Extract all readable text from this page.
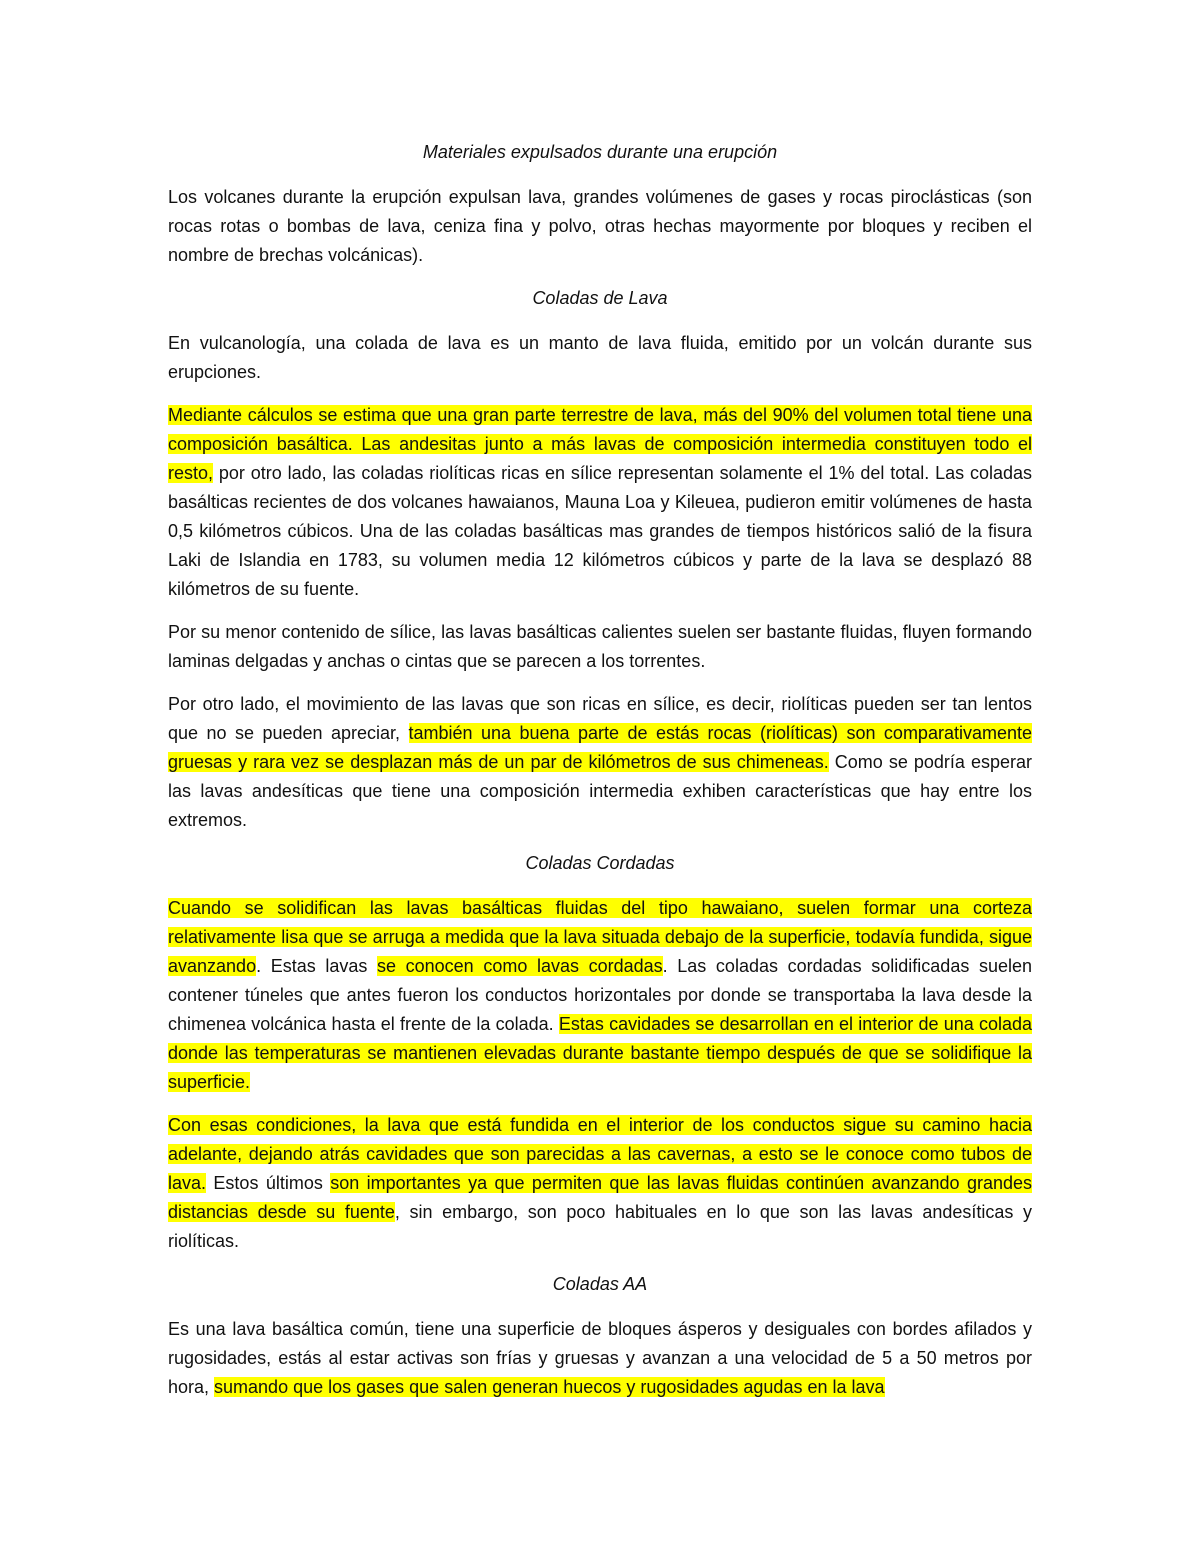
Materiales expulsados durante una erupción
Los volcanes durante la erupción expulsan lava, grandes volúmenes de gases y rocas piroclásticas (son rocas rotas o bombas de lava, ceniza fina y polvo, otras hechas mayormente por bloques y reciben el nombre de brechas volcánicas).
Coladas de Lava
En vulcanología, una colada de lava es un manto de lava fluida, emitido por un volcán durante sus erupciones.
Mediante cálculos se estima que una gran parte terrestre de lava, más del 90% del volumen total tiene una composición basáltica. Las andesitas junto a más lavas de composición intermedia constituyen todo el resto, por otro lado, las coladas riolíticas ricas en sílice representan solamente el 1% del total. Las coladas basálticas recientes de dos volcanes hawaianos, Mauna Loa y Kileuea, pudieron emitir volúmenes de hasta 0,5 kilómetros cúbicos. Una de las coladas basálticas mas grandes de tiempos históricos salió de la fisura Laki de Islandia en 1783, su volumen media 12 kilómetros cúbicos y parte de la lava se desplazó 88 kilómetros de su fuente.
Por su menor contenido de sílice, las lavas basálticas calientes suelen ser bastante fluidas, fluyen formando laminas delgadas y anchas o cintas que se parecen a los torrentes.
Por otro lado, el movimiento de las lavas que son ricas en sílice, es decir, riolíticas pueden ser tan lentos que no se pueden apreciar, también una buena parte de estás rocas (riolíticas) son comparativamente gruesas y rara vez se desplazan más de un par de kilómetros de sus chimeneas. Como se podría esperar las lavas andesíticas que tiene una composición intermedia exhiben características que hay entre los extremos.
Coladas Cordadas
Cuando se solidifican las lavas basálticas fluidas del tipo hawaiano, suelen formar una corteza relativamente lisa que se arruga a medida que la lava situada debajo de la superficie, todavía fundida, sigue avanzando. Estas lavas se conocen como lavas cordadas. Las coladas cordadas solidificadas suelen contener túneles que antes fueron los conductos horizontales por donde se transportaba la lava desde la chimenea volcánica hasta el frente de la colada. Estas cavidades se desarrollan en el interior de una colada donde las temperaturas se mantienen elevadas durante bastante tiempo después de que se solidifique la superficie.
Con esas condiciones, la lava que está fundida en el interior de los conductos sigue su camino hacia adelante, dejando atrás cavidades que son parecidas a las cavernas, a esto se le conoce como tubos de lava. Estos últimos son importantes ya que permiten que las lavas fluidas continúen avanzando grandes distancias desde su fuente, sin embargo, son poco habituales en lo que son las lavas andesíticas y riolíticas.
Coladas AA
Es una lava basáltica común, tiene una superficie de bloques ásperos y desiguales con bordes afilados y rugosidades, estás al estar activas son frías y gruesas y avanzan a una velocidad de 5 a 50 metros por hora, sumando que los gases que salen generan huecos y rugosidades agudas en la lava
